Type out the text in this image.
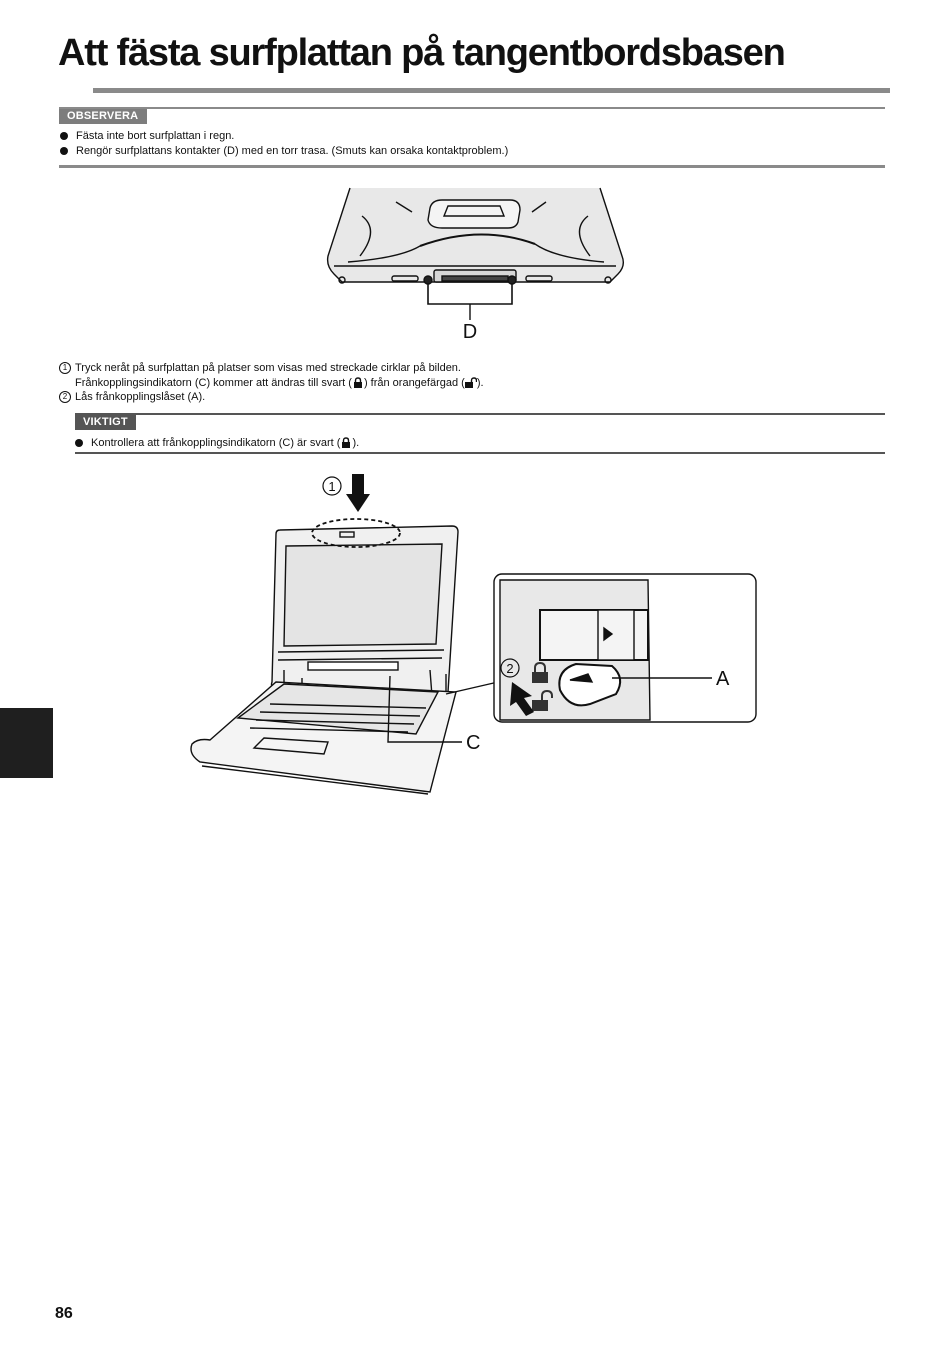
Att fästa surfplattan på tangentbordsbasen
OBSERVERA
Fästa inte bort surfplattan i regn.
Rengör surfplattans kontakter (D) med en torr trasa. (Smuts kan orsaka kontaktproblem.)
D
1 Tryck neråt på surfplattan på platser som visas med streckade cirklar på bilden.
Frånkopplingsindikatorn (C) kommer att ändras till svart ( ) från orangefärgad ( ).
2 Lås frånkopplingslåset (A).
VIKTIGT
Kontrollera att frånkopplingsindikatorn (C) är svart ( ).
1
2	A
C
86
